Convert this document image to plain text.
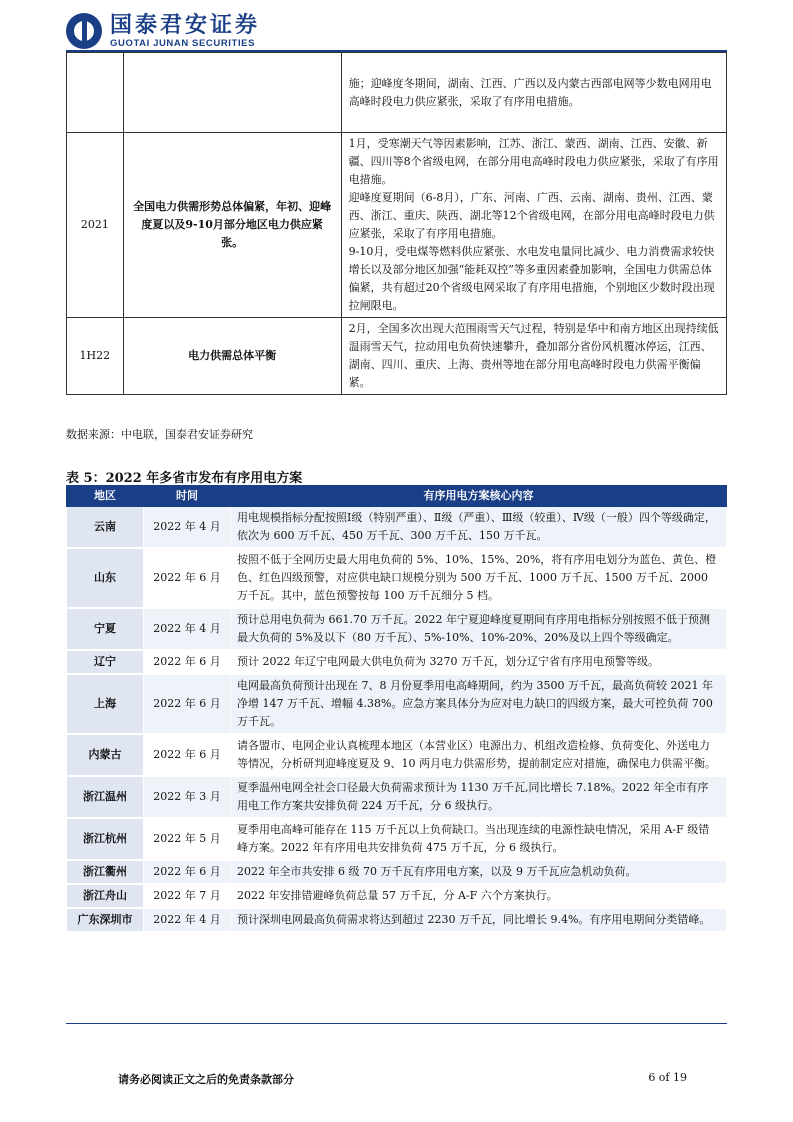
国泰君安证券
GUOTAI JUNAN SECURITIES

		施；迎峰度冬期间，湖南、江西、广西以及内蒙古西部电网等少数电网用电高峰时段电力供应紧张，采取了有序用电措施。

2021	全国电力供需形势总体偏紧，年初、迎峰度夏以及9-10月部分地区电力供应紧张。	1月，受寒潮天气等因素影响，江苏、浙江、蒙西、湖南、江西、安徽、新疆、四川等8个省级电网，在部分用电高峰时段电力供应紧张，采取了有序用电措施。
迎峰度夏期间（6-8月），广东、河南、广西、云南、湖南、贵州、江西、蒙西、浙江、重庆、陕西、湖北等12个省级电网，在部分用电高峰时段电力供应紧张，采取了有序用电措施。
9-10月，受电煤等燃料供应紧张、水电发电量同比减少、电力消费需求较快增长以及部分地区加强“能耗双控”等多重因素叠加影响，全国电力供需总体偏紧，共有超过20个省级电网采取了有序用电措施，个别地区少数时段出现拉闸限电。

1H22	电力供需总体平衡	2月，全国多次出现大范围雨雪天气过程，特别是华中和南方地区出现持续低温雨雪天气，拉动用电负荷快速攀升，叠加部分省份风机覆冰停运，江西、湖南、四川、重庆、上海、贵州等地在部分用电高峰时段电力供需平衡偏紧。
数据来源：中电联，国泰君安证券研究
表 5：2022 年多省市发布有序用电方案
地区	时间	有序用电方案核心内容
云南	2022 年 4 月	用电规模指标分配按照Ⅰ级（特别严重）、Ⅱ级（严重）、Ⅲ级（较重）、Ⅳ级（一般）四个等级确定，依次为 600 万千瓦、450 万千瓦、300 万千瓦、150 万千瓦。
山东	2022 年 6 月	按照不低于全网历史最大用电负荷的 5%、10%、15%、20%，将有序用电划分为蓝色、黄色、橙色、红色四级预警，对应供电缺口规模分别为 500 万千瓦、1000 万千瓦、1500 万千瓦、2000 万千瓦。其中，蓝色预警按每 100 万千瓦细分 5 档。
宁夏	2022 年 4 月	预计总用电负荷为 661.70 万千瓦。2022 年宁夏迎峰度夏期间有序用电指标分别按照不低于预测最大负荷的 5%及以下（80 万千瓦）、5%-10%、10%-20%、20%及以上四个等级确定。
辽宁	2022 年 6 月	预计 2022 年辽宁电网最大供电负荷为 3270 万千瓦，划分辽宁省有序用电预警等级。
上海	2022 年 6 月	电网最高负荷预计出现在 7、8 月份夏季用电高峰期间，约为 3500 万千瓦，最高负荷较 2021 年净增 147 万千瓦、增幅 4.38%。应急方案具体分为应对电力缺口的四级方案，最大可控负荷 700 万千瓦。
内蒙古	2022 年 6 月	请各盟市、电网企业认真梳理本地区（本营业区）电源出力、机组改造检修、负荷变化、外送电力等情况，分析研判迎峰度夏及 9、10 两月电力供需形势，提前制定应对措施，确保电力供需平衡。
浙江温州	2022 年 3 月	夏季温州电网全社会口径最大负荷需求预计为 1130 万千瓦,同比增长 7.18%。2022 年全市有序用电工作方案共安排负荷 224 万千瓦，分 6 级执行。
浙江杭州	2022 年 5 月	夏季用电高峰可能存在 115 万千瓦以上负荷缺口。当出现连续的电源性缺电情况，采用 A-F 级错峰方案。2022 年有序用电共安排负荷 475 万千瓦，分 6 级执行。
浙江衢州	2022 年 6 月	2022 年全市共安排 6 级 70 万千瓦有序用电方案，以及 9 万千瓦应急机动负荷。
浙江舟山	2022 年 7 月	2022 年安排错避峰负荷总量 57 万千瓦，分 A-F 六个方案执行。
广东深圳市	2022 年 4 月	预计深圳电网最高负荷需求将达到超过 2230 万千瓦，同比增长 9.4%。有序用电期间分类错峰。
请务必阅读正文之后的免责条款部分	6 of 19
